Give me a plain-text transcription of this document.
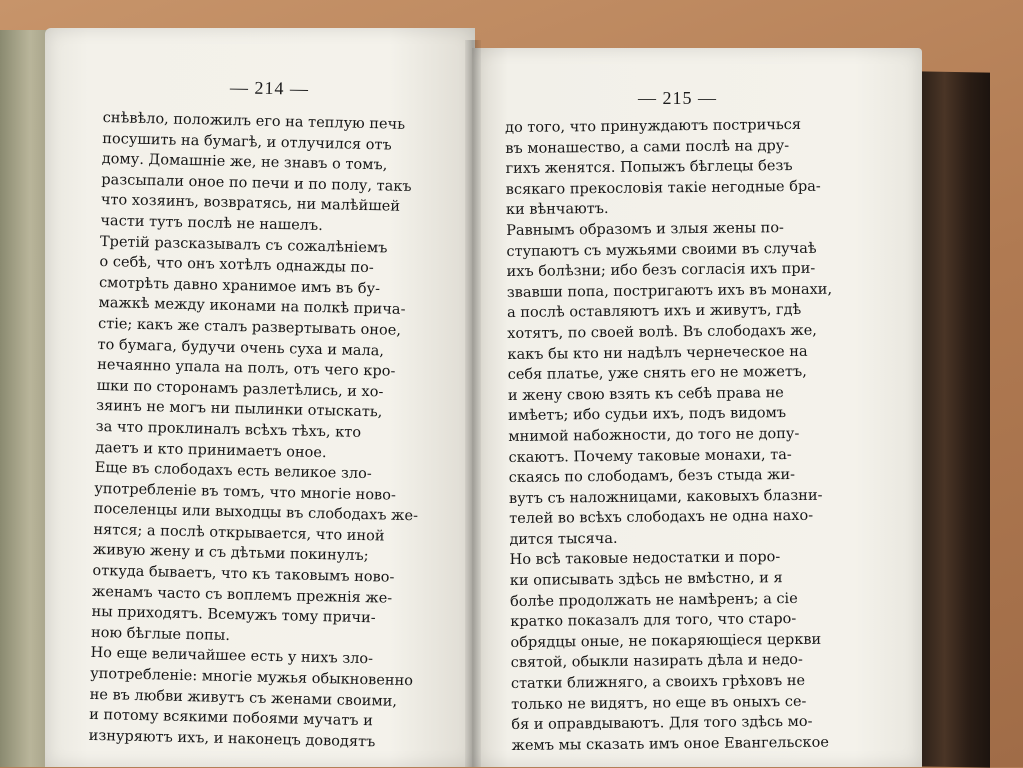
— 214 —	— 215 —
снѣвѣло, положилъ его на теплую печь
посушить на бумагѣ, и отлучился отъ
дому. Домашніе же, не знавъ о томъ,
разсыпали оное по печи и по полу, такъ
что хозяинъ, возвратясь, ни малѣйшей
части тутъ послѣ не нашелъ.
Третій разсказывалъ съ сожалѣніемъ
о себѣ, что онъ хотѣлъ однажды по-
смотрѣть давно хранимое имъ въ бу-
мажкѣ между иконами на полкѣ прича-
стіе; какъ же сталъ развертывать оное,
то бумага, будучи очень суха и мала,
нечаянно упала на полъ, отъ чего кро-
шки по сторонамъ разлетѣлись, и хо-
зяинъ не могъ ни пылинки отыскать,
за что проклиналъ всѣхъ тѣхъ, кто
даетъ и кто принимаетъ оное.
Еще въ слободахъ есть великое зло-
употребленіе въ томъ, что многіе ново-
поселенцы или выходцы въ слободахъ же-
нятся; а послѣ открывается, что иной
живую жену и съ дѣтьми покинулъ;
откуда бываетъ, что къ таковымъ ново-
женамъ часто съ воплемъ прежнія же-
ны приходятъ. Всемужъ тому причи-
ною бѣглые попы.
Но еще величайшее есть у нихъ зло-
употребленіе: многіе мужья обыкновенно
не въ любви живутъ съ женами своими,
и потому всякими побоями мучатъ и
изнуряютъ ихъ, и наконецъ доводятъ
до того, что принуждаютъ постричься
въ монашество, а сами послѣ на дру-
гихъ женятся. Попыжъ бѣглецы безъ
всякаго прекословія такіе негодные бра-
ки вѣнчаютъ.
Равнымъ образомъ и злыя жены по-
ступаютъ съ мужьями своими въ случаѣ
ихъ болѣзни; ибо безъ согласія ихъ при-
звавши попа, постригаютъ ихъ въ монахи,
а послѣ оставляютъ ихъ и живутъ, гдѣ
хотятъ, по своей волѣ. Въ слободахъ же,
какъ бы кто ни надѣлъ чернеческое на
себя платье, уже снять его не можетъ,
и жену свою взять къ себѣ права не
имѣетъ; ибо судьи ихъ, подъ видомъ
мнимой набожности, до того не допу-
скаютъ. Почему таковые монахи, та-
скаясь по слободамъ, безъ стыда жи-
вутъ съ наложницами, каковыхъ блазни-
телей во всѣхъ слободахъ не одна нахо-
дится тысяча.
Но всѣ таковые недостатки и поро-
ки описывать здѣсь не вмѣстно, и я
болѣе продолжать не намѣренъ; а сіе
кратко показалъ для того, что старо-
обрядцы оные, не покаряющіеся церкви
святой, обыкли назирать дѣла и недо-
статки ближняго, а своихъ грѣховъ не
только не видятъ, но еще въ оныхъ се-
бя и оправдываютъ. Для того здѣсь мо-
жемъ мы сказать имъ оное Евангельское
